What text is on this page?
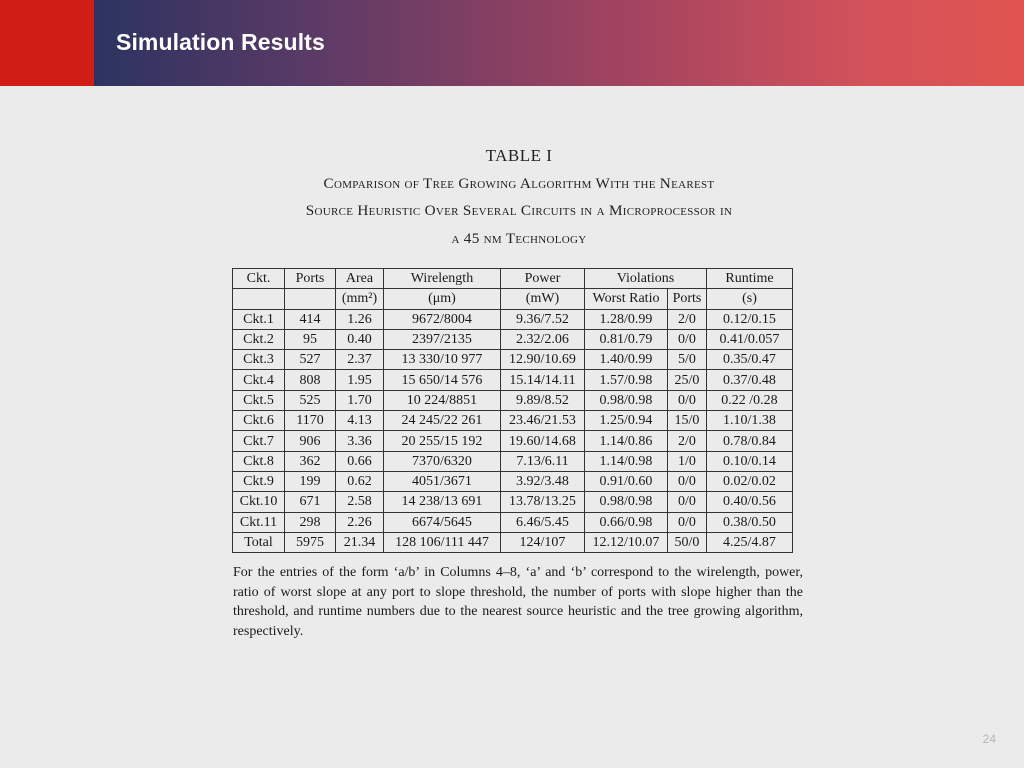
Simulation Results
TABLE I
Comparison of Tree Growing Algorithm With the Nearest
Source Heuristic Over Several Circuits in a Microprocessor in
a 45 nm Technology
Ckt.	Ports	Area	Wirelength	Power	Violations		Runtime
		(mm²)	(μm)	(mW)	Worst Ratio	Ports	(s)
Ckt.1	414	1.26	9672/8004	9.36/7.52	1.28/0.99	2/0	0.12/0.15
Ckt.2	95	0.40	2397/2135	2.32/2.06	0.81/0.79	0/0	0.41/0.057
Ckt.3	527	2.37	13 330/10 977	12.90/10.69	1.40/0.99	5/0	0.35/0.47
Ckt.4	808	1.95	15 650/14 576	15.14/14.11	1.57/0.98	25/0	0.37/0.48
Ckt.5	525	1.70	10 224/8851	9.89/8.52	0.98/0.98	0/0	0.22 /0.28
Ckt.6	1170	4.13	24 245/22 261	23.46/21.53	1.25/0.94	15/0	1.10/1.38
Ckt.7	906	3.36	20 255/15 192	19.60/14.68	1.14/0.86	2/0	0.78/0.84
Ckt.8	362	0.66	7370/6320	7.13/6.11	1.14/0.98	1/0	0.10/0.14
Ckt.9	199	0.62	4051/3671	3.92/3.48	0.91/0.60	0/0	0.02/0.02
Ckt.10	671	2.58	14 238/13 691	13.78/13.25	0.98/0.98	0/0	0.40/0.56
Ckt.11	298	2.26	6674/5645	6.46/5.45	0.66/0.98	0/0	0.38/0.50
Total	5975	21.34	128 106/111 447	124/107	12.12/10.07	50/0	4.25/4.87
For the entries of the form ‘a/b’ in Columns 4–8, ‘a’ and ‘b’ correspond to the wirelength, power, ratio of worst slope at any port to slope threshold, the number of ports with slope higher than the threshold, and runtime numbers due to the nearest source heuristic and the tree growing algorithm, respectively.
24
